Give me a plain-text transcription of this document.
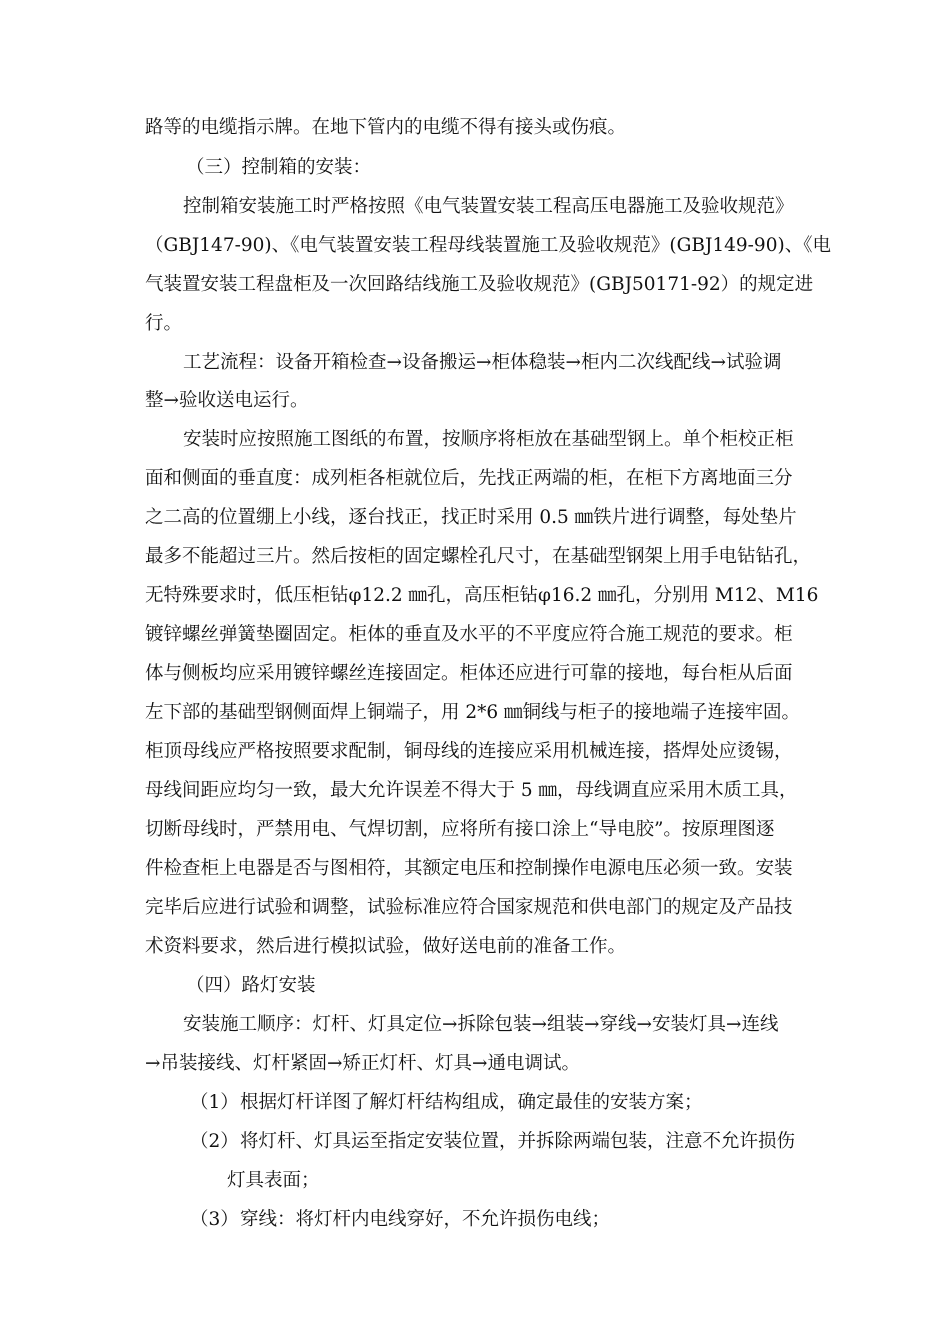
路等的电缆指示牌。在地下管内的电缆不得有接头或伤痕。
（三）控制箱的安装：
控制箱安装施工时严格按照《电气装置安装工程高压电器施工及验收规范》
（GBJ147-90)、《电气装置安装工程母线装置施工及验收规范》(GBJ149-90)、《电
气装置安装工程盘柜及一次回路结线施工及验收规范》(GBJ50171-92）的规定进
行。
工艺流程：设备开箱检查→设备搬运→柜体稳装→柜内二次线配线→试验调
整→验收送电运行。
安装时应按照施工图纸的布置，按顺序将柜放在基础型钢上。单个柜校正柜
面和侧面的垂直度：成列柜各柜就位后，先找正两端的柜，在柜下方离地面三分
之二高的位置绷上小线，逐台找正，找正时采用 0.5 ㎜铁片进行调整，每处垫片
最多不能超过三片。然后按柜的固定螺栓孔尺寸，在基础型钢架上用手电钻钻孔，
无特殊要求时，低压柜钻φ12.2 ㎜孔，高压柜钻φ16.2 ㎜孔，分别用 M12、M16
镀锌螺丝弹簧垫圈固定。柜体的垂直及水平的不平度应符合施工规范的要求。柜
体与侧板均应采用镀锌螺丝连接固定。柜体还应进行可靠的接地，每台柜从后面
左下部的基础型钢侧面焊上铜端子，用 2*6 ㎜铜线与柜子的接地端子连接牢固。
柜顶母线应严格按照要求配制，铜母线的连接应采用机械连接，搭焊处应烫锡，
母线间距应均匀一致，最大允许误差不得大于 5 ㎜，母线调直应采用木质工具，
切断母线时，严禁用电、气焊切割，应将所有接口涂上“导电胶”。按原理图逐
件检查柜上电器是否与图相符，其额定电压和控制操作电源电压必须一致。安装
完毕后应进行试验和调整，试验标准应符合国家规范和供电部门的规定及产品技
术资料要求，然后进行模拟试验，做好送电前的准备工作。
（四）路灯安装
安装施工顺序：灯杆、灯具定位→拆除包装→组装→穿线→安装灯具→连线
→吊装接线、灯杆紧固→矫正灯杆、灯具→通电调试。
（1）根据灯杆详图了解灯杆结构组成，确定最佳的安装方案；
（2）将灯杆、灯具运至指定安装位置，并拆除两端包装，注意不允许损伤
灯具表面；
（3）穿线：将灯杆内电线穿好，不允许损伤电线；
